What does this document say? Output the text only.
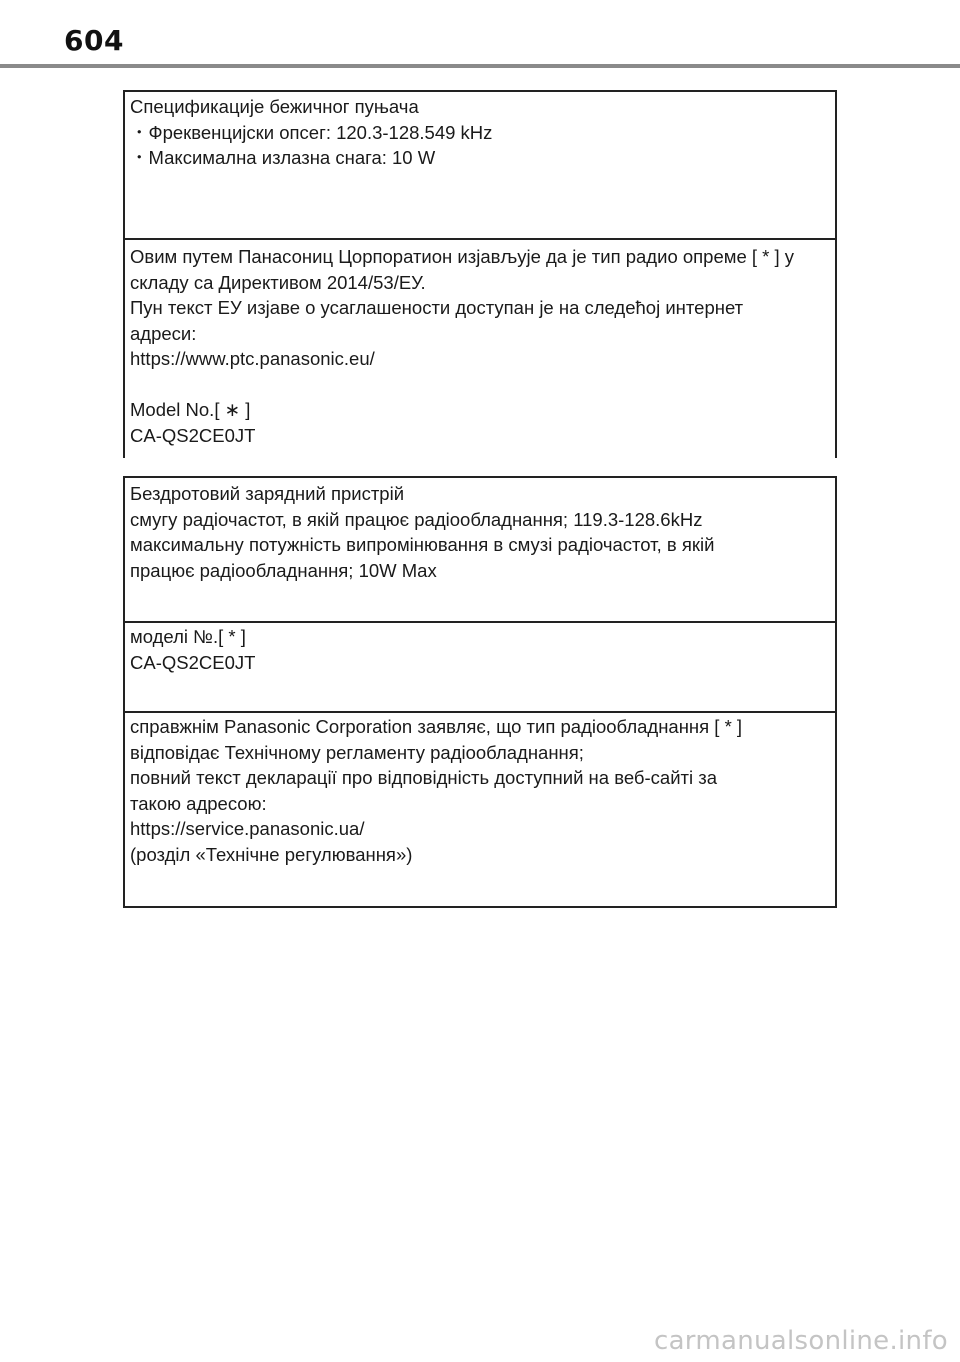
604
Спецификације бежичног пуњача
・Фреквенцијски опсег: 120.3-128.549 kHz
・Максимална излазна снага: 10 W
Овим путем Панасониц Цорпоратион изјављује да је тип радио опреме [ * ] у
складу са Директивом 2014/53/ЕУ.
Пун текст ЕУ изјаве о усаглашености доступан је на следећој интернет
адреси:
https://www.ptc.panasonic.eu/
Model No.[ ∗ ]
CA-QS2CE0JT
Бездротовий зарядний пристрій
смугу радіочастот, в якій працює радіообладнання; 119.3-128.6kHz
максимальну потужність випромінювання в смузі радіочастот, в якій
працює радіообладнання; 10W Max
моделі №.[ * ]
CA-QS2CE0JT
справжнім Panasonic Corporation заявляє, що тип радіообладнання [ * ]
відповідає Технічному регламенту радіообладнання;
повний текст декларації про відповідність доступний на веб-сайті за
такою адресою:
https://service.panasonic.ua/
(розділ «Технічне регулювання»)
carmanualsonline.info
